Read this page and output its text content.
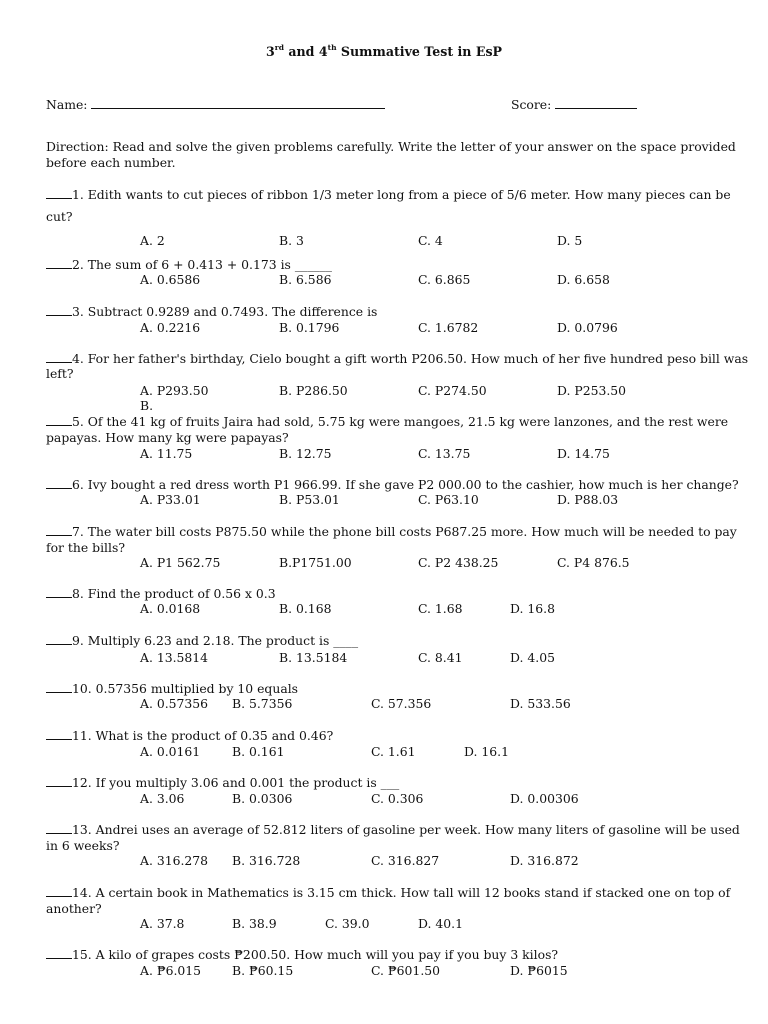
3rd and 4th Summative Test in EsP
Name:	Score:
Direction: Read and solve the given problems carefully. Write the letter of your answer on the space provided
before each number.
1. Edith wants to cut pieces of ribbon 1/3 meter long from a piece of 5/6 meter. How many pieces can be
cut?
A. 2	B. 3	C. 4	D. 5
2. The sum of 6 + 0.413 + 0.173 is ______
A. 0.6586	B. 6.586	C. 6.865	D. 6.658
3. Subtract 0.9289 and 0.7493. The difference is
A. 0.2216	B. 0.1796	C. 1.6782	D. 0.0796
4. For her father's birthday, Cielo bought a gift worth P206.50. How much of her five hundred peso bill was
left?
A. P293.50	B. P286.50	C. P274.50	D. P253.50
B.
5. Of the 41 kg of fruits Jaira had sold, 5.75 kg were mangoes, 21.5 kg were lanzones, and the rest were
papayas. How many kg were papayas?
A. 11.75	B. 12.75	C. 13.75	D. 14.75
6. Ivy bought a red dress worth P1 966.99. If she gave P2 000.00 to the cashier, how much is her change?
A. P33.01	B. P53.01	C. P63.10	D. P88.03
7. The water bill costs P875.50 while the phone bill costs P687.25 more. How much will be needed to pay
for the bills?
A. P1 562.75	B.P1751.00	C. P2 438.25	C. P4 876.5
8. Find the product of 0.56 x 0.3
A. 0.0168	B. 0.168	C. 1.68	D. 16.8
9. Multiply 6.23 and 2.18. The product is ____
A. 13.5814	B. 13.5184	C. 8.41	D. 4.05
10. 0.57356 multiplied by 10 equals
A. 0.57356 B. 5.7356	C. 57.356	D. 533.56
11. What is the product of 0.35 and 0.46?
A. 0.0161	B. 0.161	C. 1.61	D. 16.1
12. If you multiply 3.06 and 0.001 the product is ___
A. 3.06	B. 0.0306	C. 0.306	D. 0.00306
13. Andrei uses an average of 52.812 liters of gasoline per week. How many liters of gasoline will be used
in 6 weeks?
A. 316.278 B. 316.728	C. 316.827	D. 316.872
14. A certain book in Mathematics is 3.15 cm thick. How tall will 12 books stand if stacked one on top of
another?
A. 37.8	B. 38.9	C. 39.0	D. 40.1
15. A kilo of grapes costs ₱200.50. How much will you pay if you buy 3 kilos?
A. ₱6.015 B. ₱60.15	C. ₱601.50	D. ₱6015
